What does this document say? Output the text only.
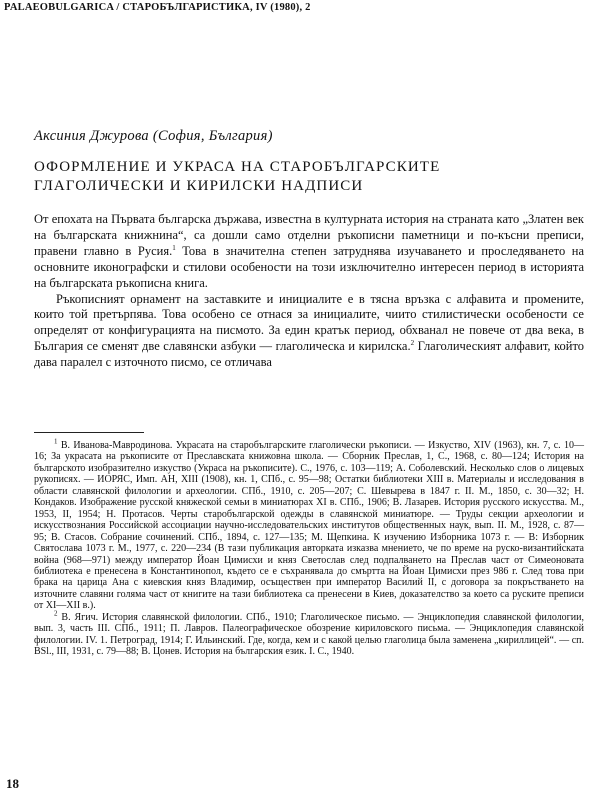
PALAEOBULGARICA / СТАРОБЪЛГАРИСТИКА, IV (1980), 2
Аксиния Джурова (София, България)
ОФОРМЛЕНИЕ И УКРАСА НА СТАРОБЪЛГАРСКИТЕ
ГЛАГОЛИЧЕСКИ И КИРИЛСКИ НАДПИСИ

От епохата на Първата българска държава, известна в културната история на страната като „Златен век на българската книжнина“, са дошли само отделни ръкописни паметници и по-късни преписи, правени главно в Русия.$^1$ Това в значителна степен затруднява изучаването и проследяването на основните иконографски и стилови особености на този изключително интересен период в историята на българската ръкописна книга.

Ръкописният орнамент на заставките и инициалите е в тясна връзка с алфавита и промените, които той претърпява. Това особено се отнася за инициалите, чиито стилистически особености се определят от конфигурацията на писмото. За един кратък период, обхванал не повече от два века, в България се сменят две славянски азбуки — глаголическа и кирилска.$^2$ Глаголическият алфавит, който дава паралел с източното писмо, се отличава

$^1$ В. Иванова-Мавродинова. Украсата на старобългарските глаголически ръкописи. — Изкуство, XIV (1963), кн. 7, с. 10—16; За украсата на ръкописите от Преславската книжовна школа. — Сборник Преслав, 1, С., 1968, с. 80—124; История на българското изобразително изкуство (Украса на ръкописите). С., 1976, с. 103—119; А. Соболевский. Несколько слов о лицевых рукописях. — ИОРЯС, Имп. АН, XIII (1908), кн. 1, СПб., с. 95—98; Остатки библиотеки XIII в. Материалы и исследования в области славянской филологии и археологии. СПб., 1910, с. 205—207; С. Шевырева в 1847 г. II. М., 1850, с. 30—32; Н. Кондаков. Изображение русской княжеской семьи в миниатюрах XI в. СПб., 1906; В. Лазарев. История русского искусства. М., 1953, II, 1954; Н. Протасов. Черты старобългарской одежды в славянской миниатюре. — Труды секции археологии и искусствознания Российской ассоциации научно-исследовательских институтов общественных наук, вып. II. М., 1928, с. 87—95; В. Стасов. Собрание сочинений. СПб., 1894, с. 127—135; М. Щепкина. К изучению Изборника 1073 г. — В: Изборник Святослава 1073 г. М., 1977, с. 220—234 (В тази публикация авторката изказва мнението, че по време на руско-византийската война (968—971) между император Йоан Цимисхи и княз Светослав след подпалването на Преслав част от Симеоновата библиотека е пренесена в Константинопол, където се е съхранявала до смъртта на Йоан Цимисхи през 986 г. След това при брака на царица Ана с киевския княз Владимир, осъществен при император Василий II, с договора за покръстването на източните славяни голяма част от книгите на тази библиотека са пренесени в Киев, доказателство за което са руските преписи от XI—XII в.).

$^2$ В. Ягич. История славянской филологии. СПб., 1910; Глаголическое письмо. — Энциклопедия славянской филологии, вып. 3, часть III. СПб., 1911; П. Лавров. Палеографическое обозрение кириловского письма. — Энциклопедия славянской филологии. IV. 1. Петроград, 1914; Г. Ильинский. Где, когда, кем и с какой целью глаголица была заменена „кириллицей“. — сп. BSl., III, 1931, с. 79—88; В. Цонев. История на българския език. I. С., 1940.

18
